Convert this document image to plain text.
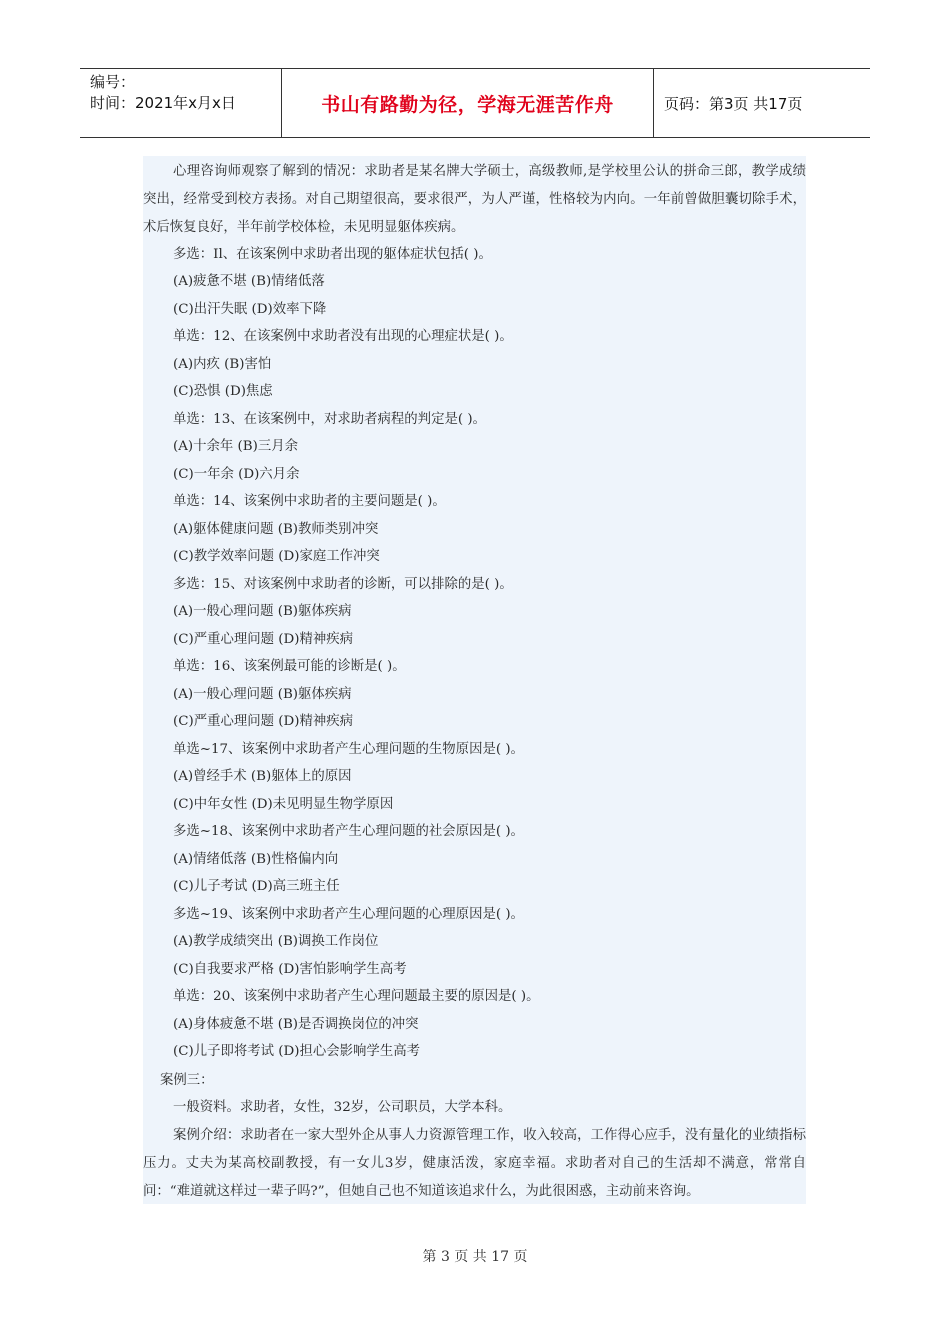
编号：
时间：2021年x月x日	书山有路勤为径，学海无涯苦作舟	页码：第3页 共17页

心理咨询师观察了解到的情况：求助者是某名牌大学硕士，高级教师,是学校里公认的拼命三郎，教学成绩突出，经常受到校方表扬。对自己期望很高，要求很严，为人严谨，性格较为内向。一年前曾做胆囊切除手术，术后恢复良好，半年前学校体检，未见明显躯体疾病。

多选：Il、在该案例中求助者出现的躯体症状包括( )。
(A)疲惫不堪 (B)情绪低落
(C)出汗失眠 (D)效率下降
单选：12、在该案例中求助者没有出现的心理症状是( )。
(A)内疚 (B)害怕
(C)恐惧 (D)焦虑
单选：13、在该案例中，对求助者病程的判定是( )。
(A)十余年 (B)三月余
(C)一年余 (D)六月余
单选：14、该案例中求助者的主要问题是( )。
(A)躯体健康问题 (B)教师类别冲突
(C)教学效率问题 (D)家庭工作冲突
多选：15、对该案例中求助者的诊断，可以排除的是( )。
(A)一般心理问题 (B)躯体疾病
(C)严重心理问题 (D)精神疾病
单选：16、该案例最可能的诊断是( )。
(A)一般心理问题 (B)躯体疾病
(C)严重心理问题 (D)精神疾病
单选~17、该案例中求助者产生心理问题的生物原因是( )。
(A)曾经手术 (B)躯体上的原因
(C)中年女性 (D)未见明显生物学原因
多选~18、该案例中求助者产生心理问题的社会原因是( )。
(A)情绪低落 (B)性格偏内向
(C)儿子考试 (D)高三班主任
多选~19、该案例中求助者产生心理问题的心理原因是( )。
(A)教学成绩突出 (B)调换工作岗位
(C)自我要求严格 (D)害怕影响学生高考
单选：20、该案例中求助者产生心理问题最主要的原因是( )。
(A)身体疲惫不堪 (B)是否调换岗位的冲突
(C)儿子即将考试 (D)担心会影响学生高考
案例三：
一般资料。求助者，女性，32岁，公司职员，大学本科。

案例介绍：求助者在一家大型外企从事人力资源管理工作，收入较高，工作得心应手，没有量化的业绩指标压力。丈夫为某高校副教授，有一女儿3岁，健康活泼，家庭幸福。求助者对自己的生活却不满意，常常自问：“难道就这样过一辈子吗?”，但她自己也不知道该追求什么，为此很困惑，主动前来咨询。

第 3 页 共 17 页
